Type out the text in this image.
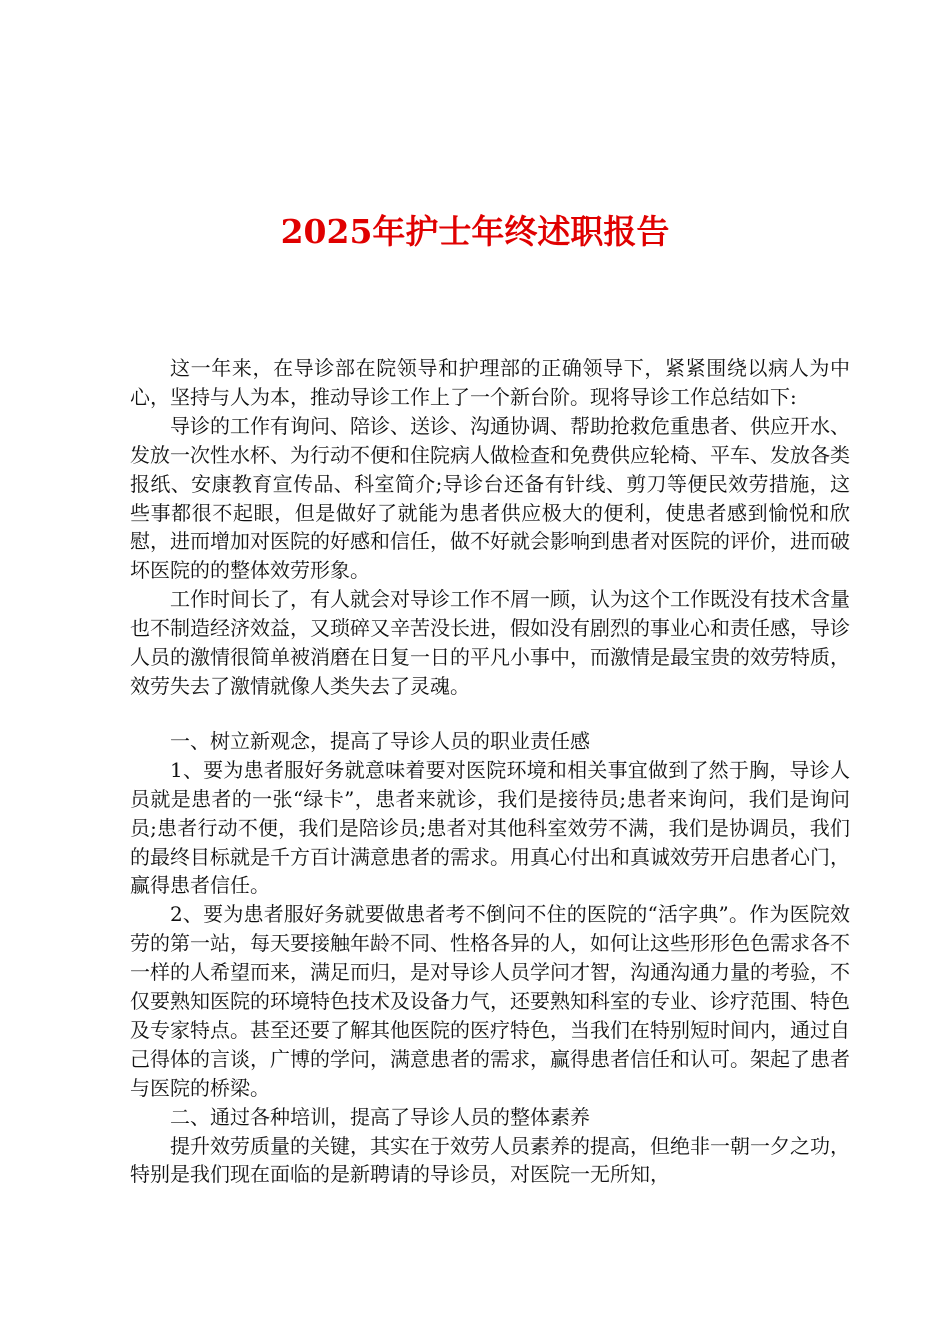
2025年护士年终述职报告

这一年来，在导诊部在院领导和护理部的正确领导下，紧紧围绕以病人为中心，坚持与人为本，推动导诊工作上了一个新台阶。现将导诊工作总结如下:

导诊的工作有询问、陪诊、送诊、沟通协调、帮助抢救危重患者、供应开水、发放一次性水杯、为行动不便和住院病人做检查和免费供应轮椅、平车、发放各类报纸、安康教育宣传品、科室简介;导诊台还备有针线、剪刀等便民效劳措施，这些事都很不起眼，但是做好了就能为患者供应极大的便利，使患者感到愉悦和欣慰，进而增加对医院的好感和信任，做不好就会影响到患者对医院的评价，进而破坏医院的的整体效劳形象。

工作时间长了，有人就会对导诊工作不屑一顾，认为这个工作既没有技术含量也不制造经济效益，又琐碎又辛苦没长进，假如没有剧烈的事业心和责任感，导诊人员的激情很简单被消磨在日复一日的平凡小事中，而激情是最宝贵的效劳特质，效劳失去了激情就像人类失去了灵魂。

一、树立新观念，提高了导诊人员的职业责任感

1、要为患者服好务就意味着要对医院环境和相关事宜做到了然于胸，导诊人员就是患者的一张“绿卡”，患者来就诊，我们是接待员;患者来询问，我们是询问员;患者行动不便，我们是陪诊员;患者对其他科室效劳不满，我们是协调员，我们的最终目标就是千方百计满意患者的需求。用真心付出和真诚效劳开启患者心门，赢得患者信任。

2、要为患者服好务就要做患者考不倒问不住的医院的“活字典”。作为医院效劳的第一站，每天要接触年龄不同、性格各异的人，如何让这些形形色色需求各不一样的人希望而来，满足而归，是对导诊人员学问才智，沟通沟通力量的考验，不仅要熟知医院的环境特色技术及设备力气，还要熟知科室的专业、诊疗范围、特色及专家特点。甚至还要了解其他医院的医疗特色，当我们在特别短时间内，通过自己得体的言谈，广博的学问，满意患者的需求，赢得患者信任和认可。架起了患者与医院的桥梁。

二、通过各种培训，提高了导诊人员的整体素养

提升效劳质量的关键，其实在于效劳人员素养的提高，但绝非一朝一夕之功，特别是我们现在面临的是新聘请的导诊员，对医院一无所知，
